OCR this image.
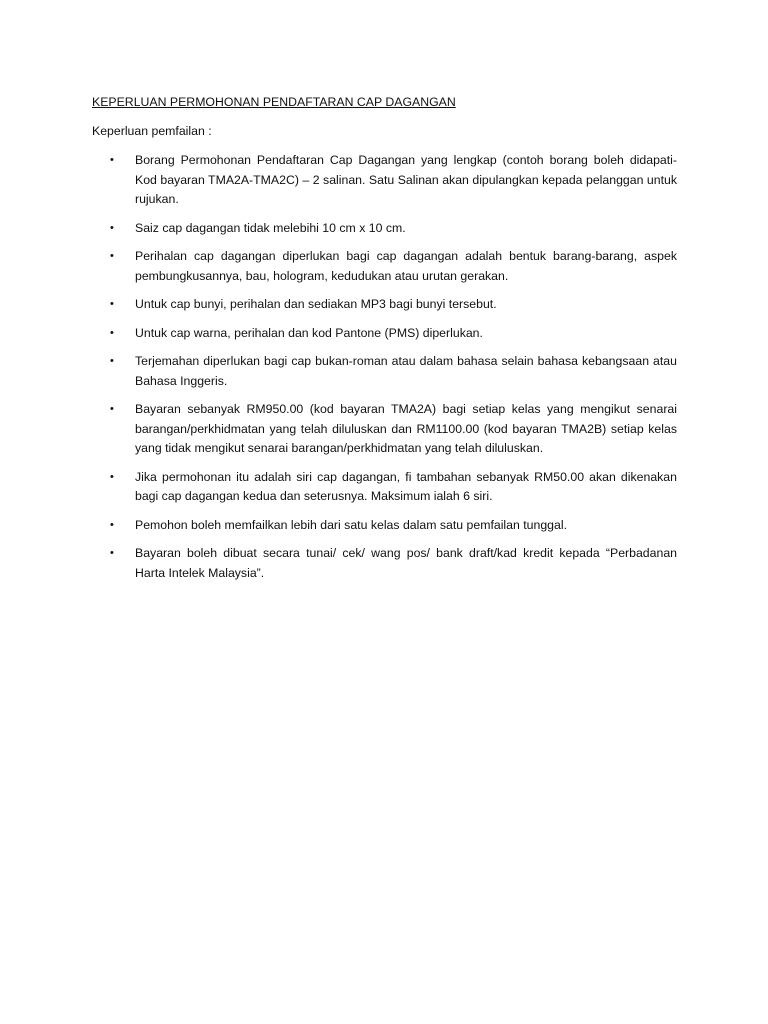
KEPERLUAN PERMOHONAN PENDAFTARAN CAP DAGANGAN

Keperluan pemfailan :

• Borang Permohonan Pendaftaran Cap Dagangan yang lengkap (contoh borang boleh didapati- Kod bayaran TMA2A-TMA2C) – 2 salinan. Satu Salinan akan dipulangkan kepada pelanggan untuk rujukan.
• Saiz cap dagangan tidak melebihi 10 cm x 10 cm.
• Perihalan cap dagangan diperlukan bagi cap dagangan adalah bentuk barang-barang, aspek pembungkusannya, bau, hologram, kedudukan atau urutan gerakan.
• Untuk cap bunyi, perihalan dan sediakan MP3 bagi bunyi tersebut.
• Untuk cap warna, perihalan dan kod Pantone (PMS) diperlukan.
• Terjemahan diperlukan bagi cap bukan-roman atau dalam bahasa selain bahasa kebangsaan atau Bahasa Inggeris.
• Bayaran sebanyak RM950.00 (kod bayaran TMA2A) bagi setiap kelas yang mengikut senarai barangan/perkhidmatan yang telah diluluskan dan RM1100.00 (kod bayaran TMA2B) setiap kelas yang tidak mengikut senarai barangan/perkhidmatan yang telah diluluskan.
• Jika permohonan itu adalah siri cap dagangan, fi tambahan sebanyak RM50.00 akan dikenakan bagi cap dagangan kedua dan seterusnya. Maksimum ialah 6 siri.
• Pemohon boleh memfailkan lebih dari satu kelas dalam satu pemfailan tunggal.
• Bayaran boleh dibuat secara tunai/ cek/ wang pos/ bank draft/kad kredit kepada “Perbadanan Harta Intelek Malaysia”.
